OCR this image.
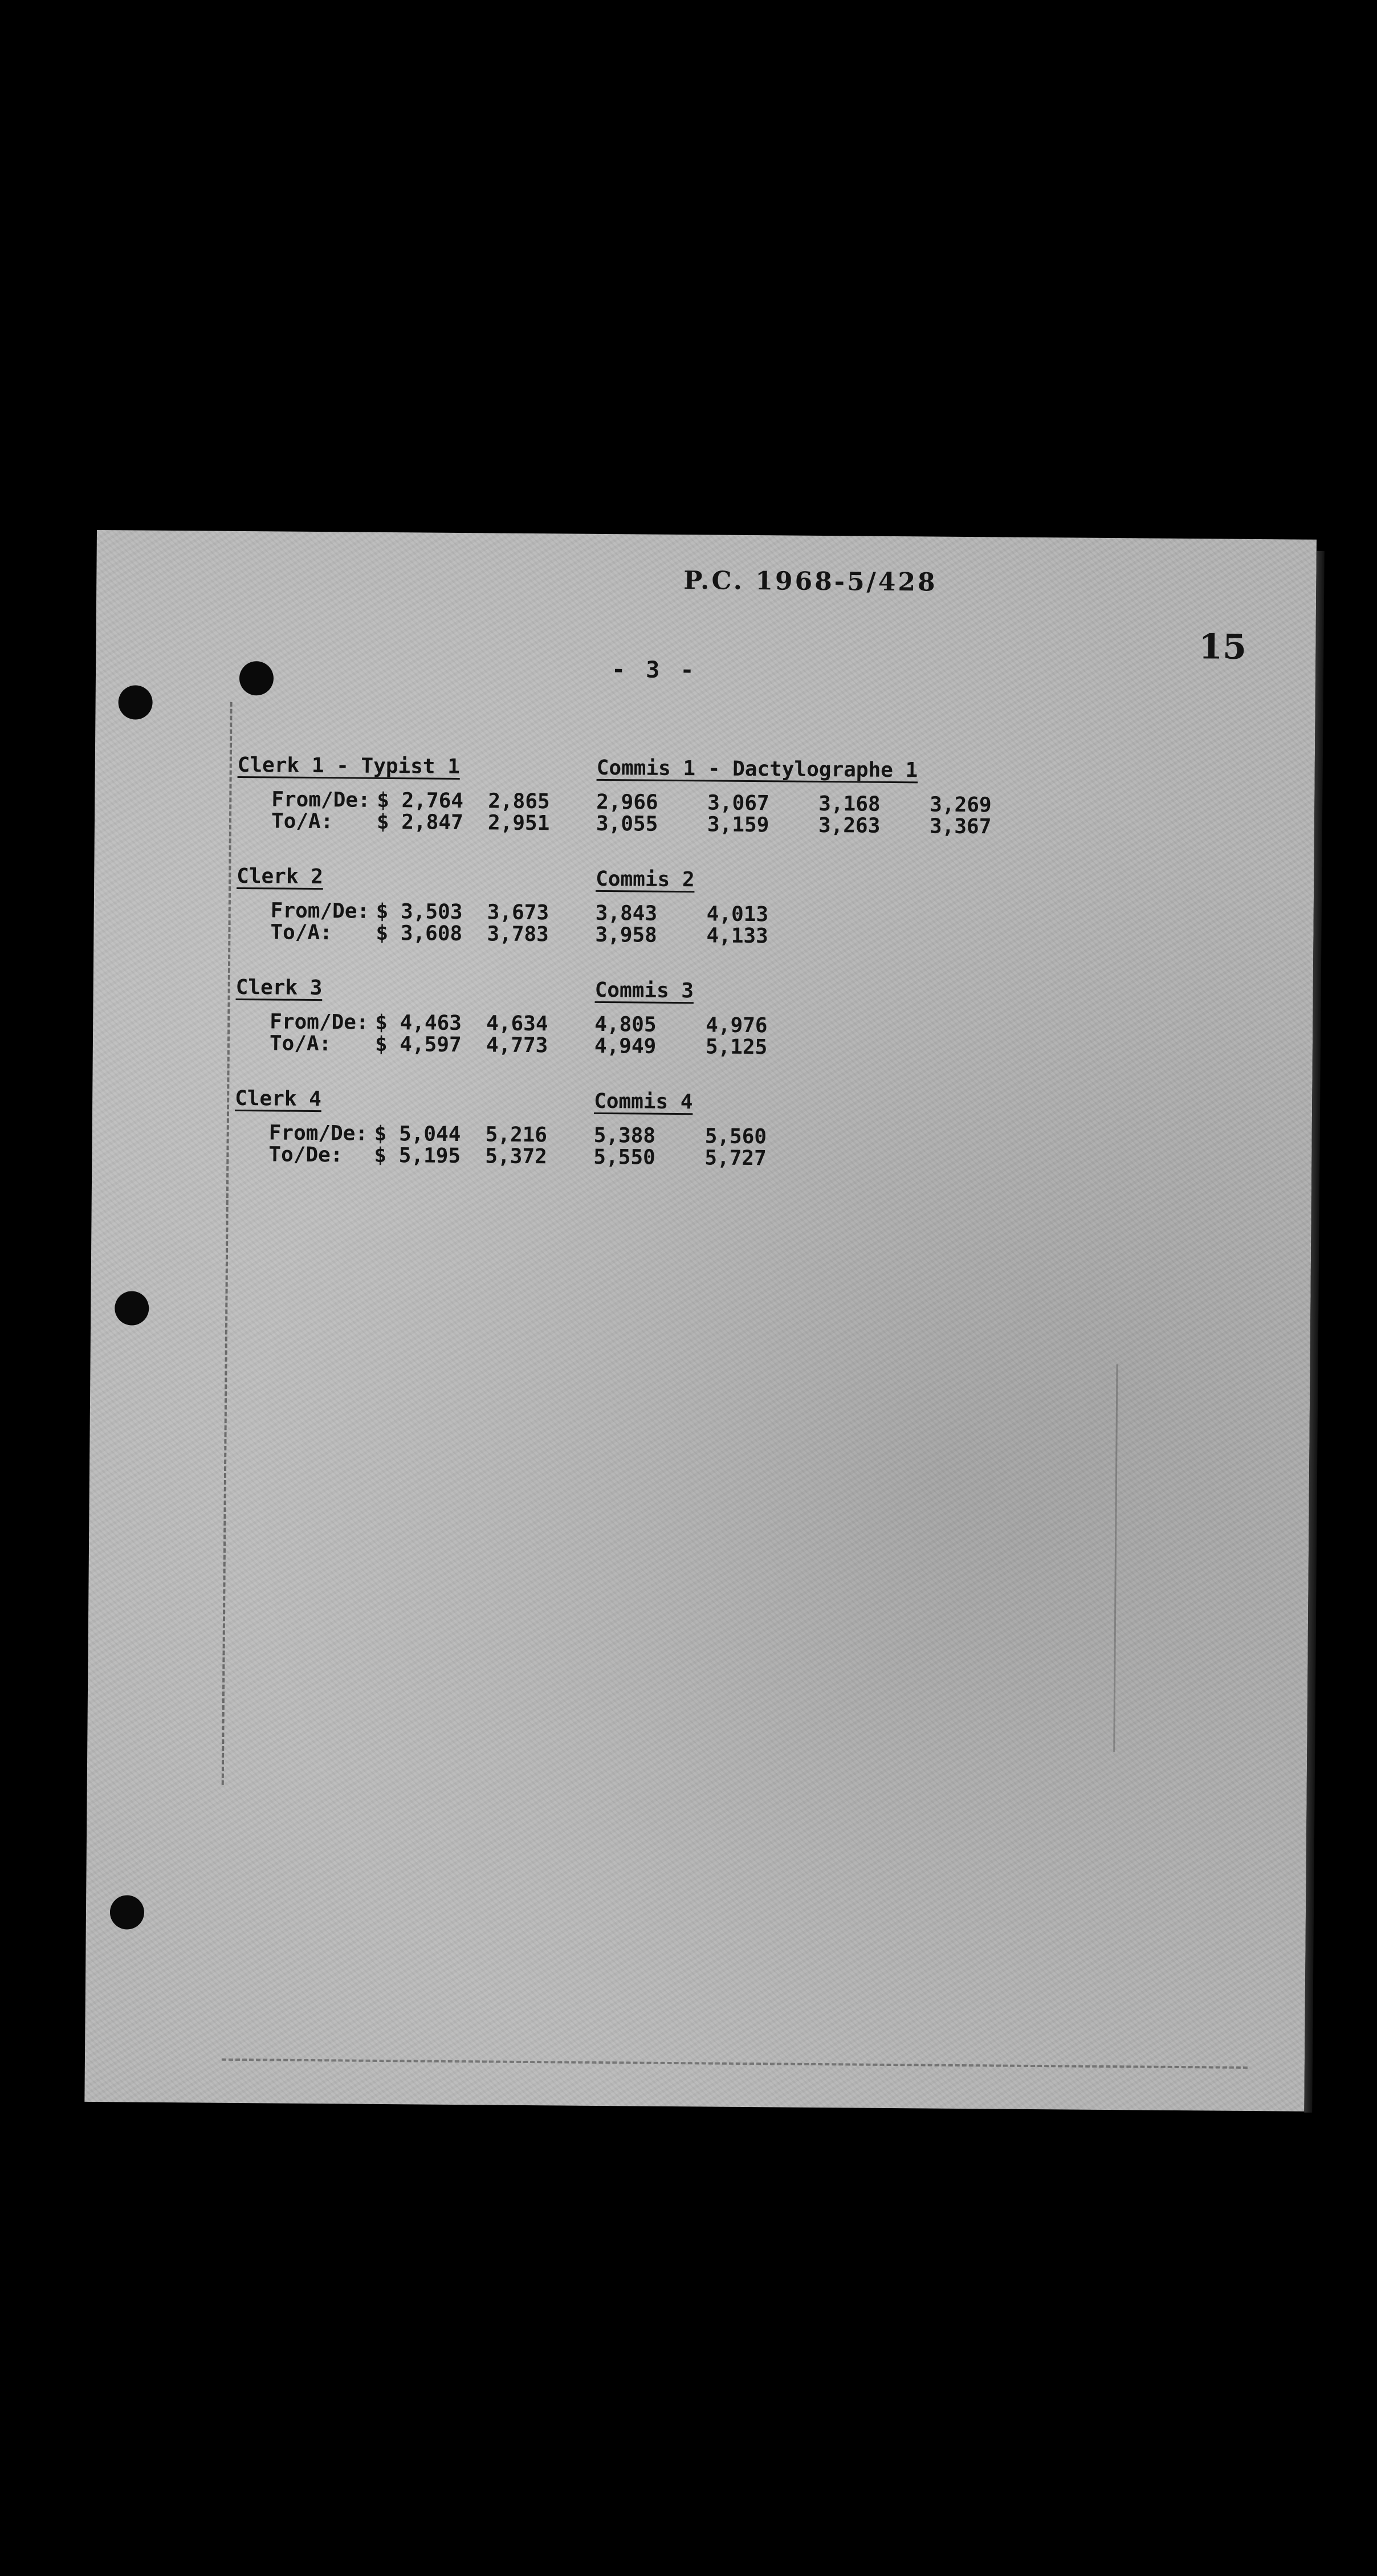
P.C. 1968-5/428
15
- 3 -
Clerk 1 - Typist 1	Commis 1 - Dactylographe 1
From/De: $ 2,764 2,865 2,966 3,067 3,168 3,269
To/A: $ 2,847 2,951 3,055 3,159 3,263 3,367
Clerk 2	Commis 2
From/De: $ 3,503 3,673 3,843 4,013
To/A: $ 3,608 3,783 3,958 4,133
Clerk 3	Commis 3
From/De: $ 4,463 4,634 4,805 4,976
To/A: $ 4,597 4,773 4,949 5,125
Clerk 4	Commis 4
From/De: $ 5,044 5,216 5,388 5,560
To/De: $ 5,195 5,372 5,550 5,727
